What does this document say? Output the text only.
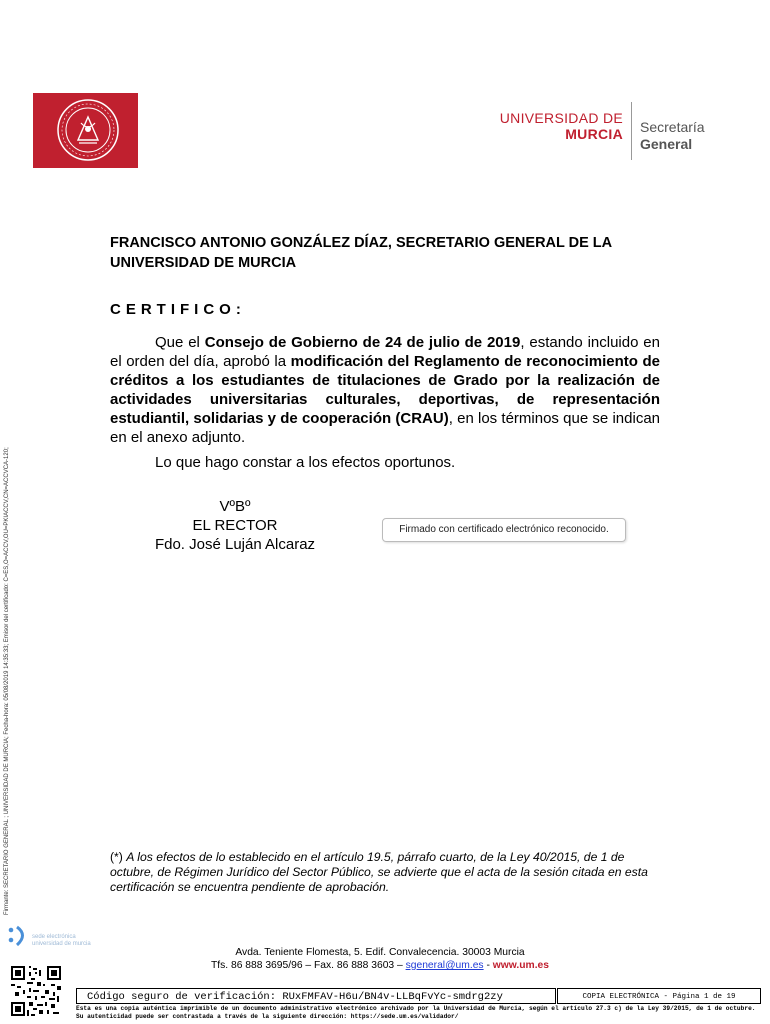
UNIVERSIDAD DE
MURCIA Secretaría
General
Firmante: SECRETARIO GENERAL ; UNIVERSIDAD DE MURCIA; Fecha-hora: 05/08/2019 14:35:33; Emisor del certificado: C=ES,O=ACCV,OU=PKIACCV,CN=ACCVCA-120;
FRANCISCO ANTONIO GONZÁLEZ DÍAZ, SECRETARIO GENERAL DE LA UNIVERSIDAD DE MURCIA
CERTIFICO:
Que el Consejo de Gobierno de 24 de julio de 2019, estando incluido en el orden del día, aprobó la modificación del Reglamento de reconocimiento de créditos a los estudiantes de titulaciones de Grado por la realización de actividades universitarias culturales, deportivas, de representación estudiantil, solidarias y de cooperación (CRAU), en los términos que se indican en el anexo adjunto.
Lo que hago constar a los efectos oportunos.
VºBº
EL RECTOR
Fdo. José Luján Alcaraz
Firmado con certificado electrónico reconocido.
(*) A los efectos de lo establecido en el artículo 19.5, párrafo cuarto, de la Ley 40/2015, de 1 de octubre, de Régimen Jurídico del Sector Público, se advierte que el acta de la sesión citada en esta certificación se encuentra pendiente de aprobación.
sede electrónica
universidad de murcia
Avda. Teniente Flomesta, 5. Edif. Convalecencia. 30003 Murcia
Tfs. 86 888 3695/96 – Fax. 86 888 3603 – sgeneral@um.es - www.um.es
Código seguro de verificación: RUxFMFAV-H6u/BN4v-LLBqFvYc-smdrg2zy	COPIA ELECTRÓNICA - Página 1 de 19
Esta es una copia auténtica imprimible de un documento administrativo electrónico archivado por la Universidad de Murcia, según el artículo 27.3 c) de la Ley 39/2015, de 1 de octubre. Su autenticidad puede ser contrastada a través de la siguiente dirección: https://sede.um.es/validador/
